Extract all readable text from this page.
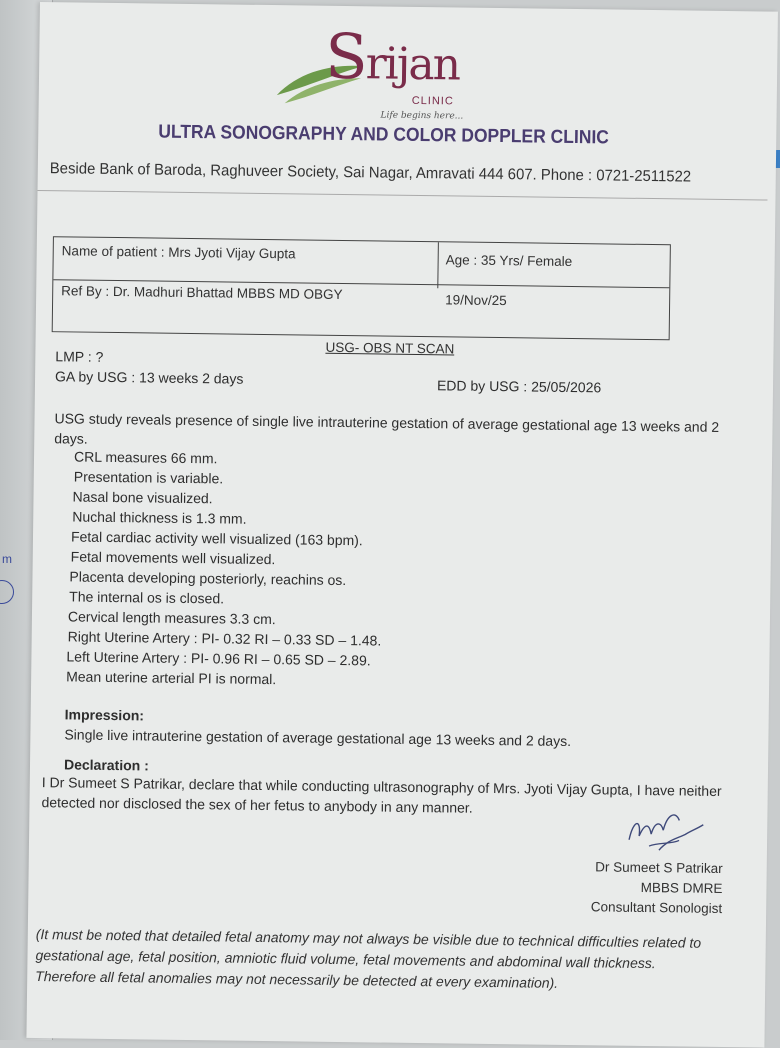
m
Srijan
CLINIC
Life begins here...
ULTRA SONOGRAPHY AND COLOR DOPPLER CLINIC
Beside Bank of Baroda, Raghuveer Society, Sai Nagar, Amravati 444 607. Phone : 0721-2511522
Name of patient : Mrs Jyoti Vijay Gupta	Age : 35 Yrs/ Female
Ref By : Dr. Madhuri Bhattad MBBS MD OBGY	19/Nov/25
USG- OBS NT SCAN
LMP : ?
GA by USG : 13 weeks 2 days	EDD by USG : 25/05/2026
USG study reveals presence of single live intrauterine gestation of average gestational age 13 weeks and 2 days.
CRL measures 66 mm.
Presentation is variable.
Nasal bone visualized.
Nuchal thickness is 1.3 mm.
Fetal cardiac activity well visualized (163 bpm).
Fetal movements well visualized.
Placenta developing posteriorly, reachins os.
The internal os is closed.
Cervical length measures 3.3 cm.
Right Uterine Artery : PI- 0.32 RI – 0.33 SD – 1.48.
Left Uterine Artery : PI- 0.96 RI – 0.65 SD – 2.89.
Mean uterine arterial PI is normal.
Impression:
Single live intrauterine gestation of average gestational age 13 weeks and 2 days.
Declaration :
I Dr Sumeet S Patrikar, declare that while conducting ultrasonography of Mrs. Jyoti Vijay Gupta, I have neither detected nor disclosed the sex of her fetus to anybody in any manner.
Dr Sumeet S Patrikar
MBBS DMRE
Consultant Sonologist
(It must be noted that detailed fetal anatomy may not always be visible due to technical difficulties related to gestational age, fetal position, amniotic fluid volume, fetal movements and abdominal wall thickness. Therefore all fetal anomalies may not necessarily be detected at every examination).
